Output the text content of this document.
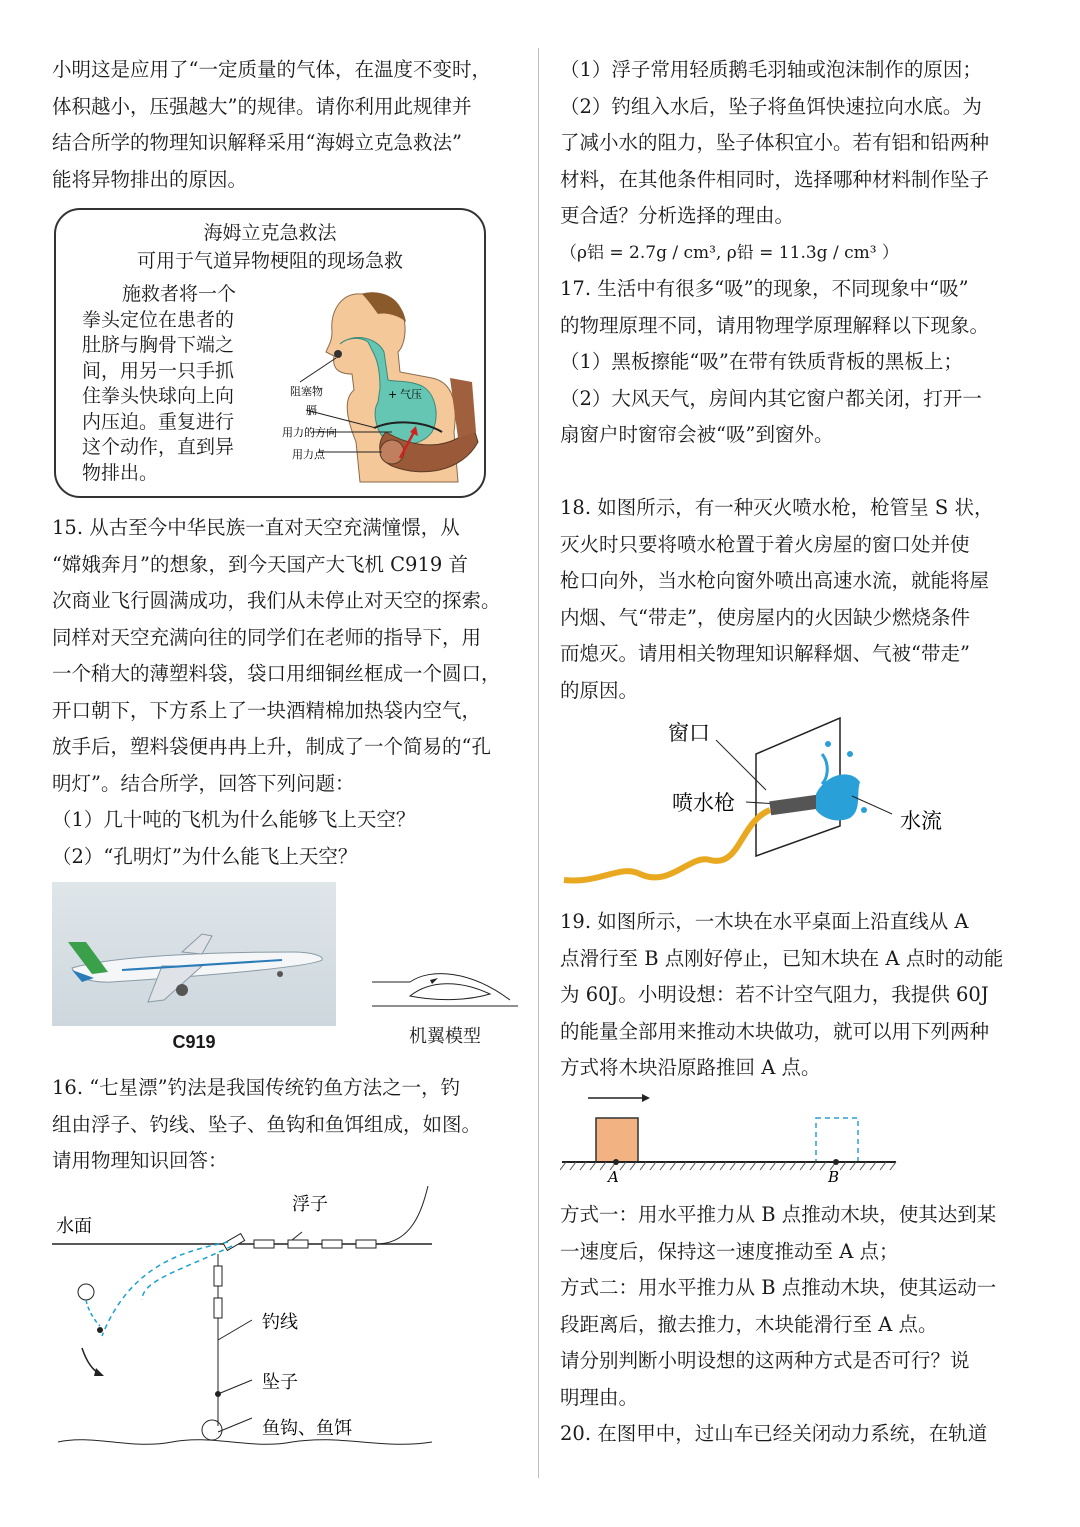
小明这是应用了“一定质量的气体，在温度不变时，

体积越小，压强越大”的规律。请你利用此规律并

结合所学的物理知识解释采用“海姆立克急救法”

能将异物排出的原因。

海姆立克急救法
可用于气道异物梗阻的现场急救
施救者将一个
拳头定位在患者的
肚脐与胸骨下端之
间，用另一只手抓
住拳头快球向上向
内压迫。重复进行
这个动作，直到异
物排出。
阻塞物	气压
+
膈
用力的方向
用力点

15. 从古至今中华民族一直对天空充满憧憬，从

“嫦娥奔月”的想象，到今天国产大飞机 C919 首

次商业飞行圆满成功，我们从未停止对天空的探索。

同样对天空充满向往的同学们在老师的指导下，用

一个稍大的薄塑料袋，袋口用细铜丝框成一个圆口，

开口朝下，下方系上了一块酒精棉加热袋内空气，

放手后，塑料袋便冉冉上升，制成了一个简易的“孔

明灯”。结合所学，回答下列问题：

（1）几十吨的飞机为什么能够飞上天空？

（2）“孔明灯”为什么能飞上天空？

C919	机翼模型

16. “七星漂”钓法是我国传统钓鱼方法之一，钓

组由浮子、钓线、坠子、鱼钩和鱼饵组成，如图。

请用物理知识回答：

水面
浮子
钓线
坠子
鱼钩、鱼饵

（1）浮子常用轻质鹅毛羽轴或泡沫制作的原因；

（2）钓组入水后，坠子将鱼饵快速拉向水底。为

了减小水的阻力，坠子体积宜小。若有铝和铅两种

材料，在其他条件相同时，选择哪种材料制作坠子

更合适？分析选择的理由。

（ρ铝 = 2.7g / cm³, ρ铅 = 11.3g / cm³ ）

17. 生活中有很多“吸”的现象，不同现象中“吸”

的物理原理不同，请用物理学原理解释以下现象。

（1）黑板擦能“吸”在带有铁质背板的黑板上；

（2）大风天气，房间内其它窗户都关闭，打开一

扇窗户时窗帘会被“吸”到窗外。

18. 如图所示，有一种灭火喷水枪，枪管呈 S 状，

灭火时只要将喷水枪置于着火房屋的窗口处并使

枪口向外，当水枪向窗外喷出高速水流，就能将屋

内烟、气“带走”，使房屋内的火因缺少燃烧条件

而熄灭。请用相关物理知识解释烟、气被“带走”

的原因。

窗口
喷水枪
水流

19. 如图所示，一木块在水平桌面上沿直线从 A

点滑行至 B 点刚好停止，已知木块在 A 点时的动能

为 60J。小明设想：若不计空气阻力，我提供 60J

的能量全部用来推动木块做功，就可以用下列两种

方式将木块沿原路推回 A 点。

A	B

方式一：用水平推力从 B 点推动木块，使其达到某

一速度后，保持这一速度推动至 A 点；

方式二：用水平推力从 B 点推动木块，使其运动一

段距离后，撤去推力，木块能滑行至 A 点。

请分别判断小明设想的这两种方式是否可行？说

明理由。

20. 在图甲中，过山车已经关闭动力系统，在轨道
